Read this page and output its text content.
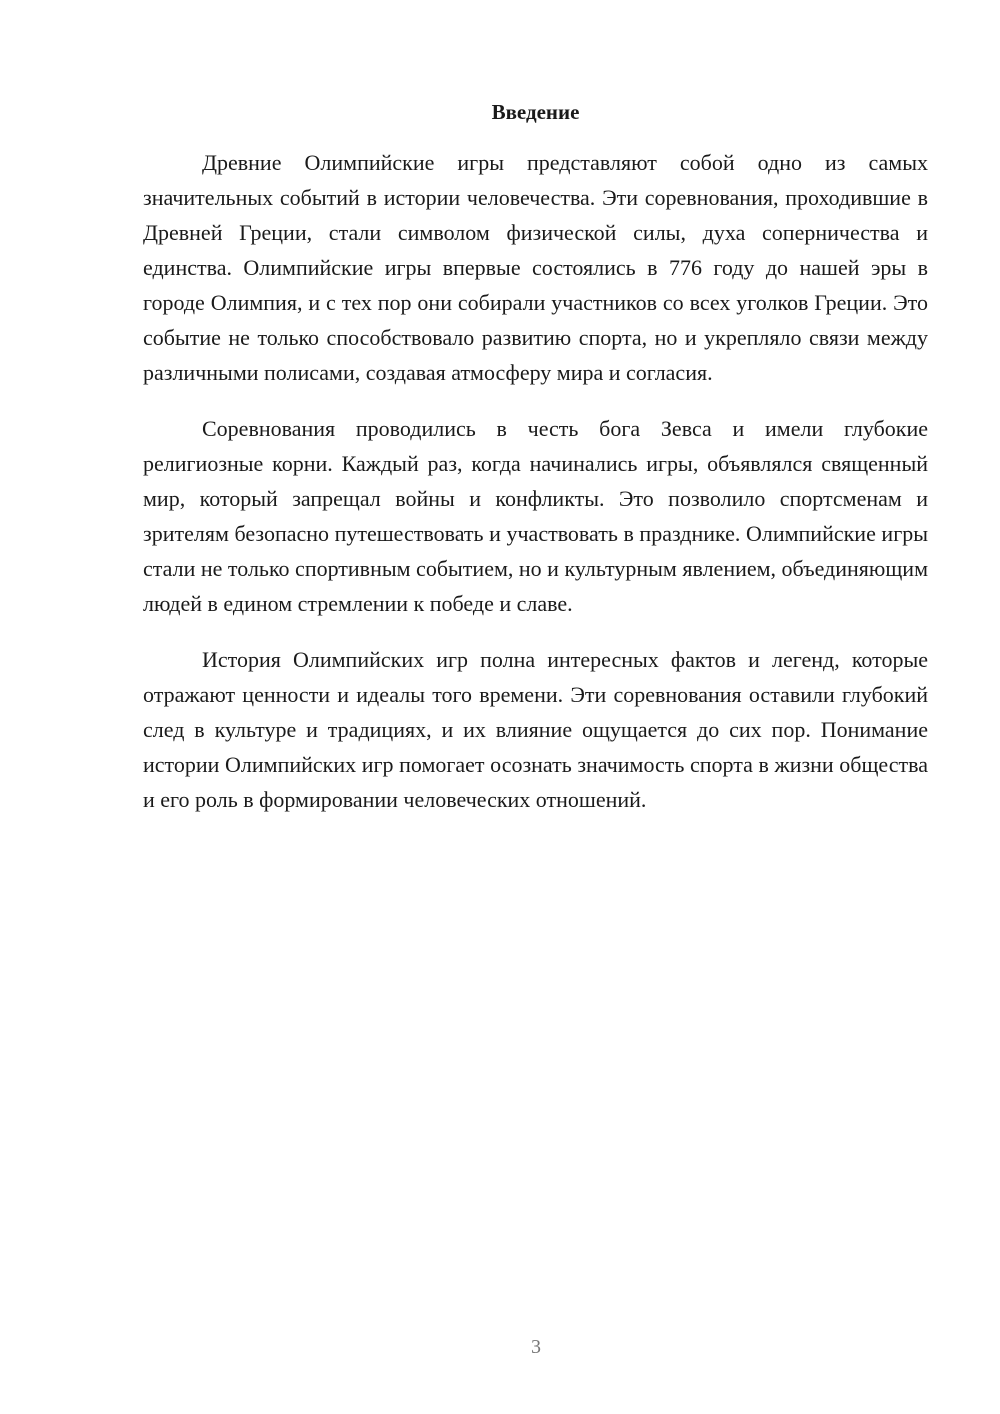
Введение

Древние Олимпийские игры представляют собой одно из самых значительных событий в истории человечества. Эти соревнования, проходившие в Древней Греции, стали символом физической силы, духа соперничества и единства. Олимпийские игры впервые состоялись в 776 году до нашей эры в городе Олимпия, и с тех пор они собирали участников со всех уголков Греции. Это событие не только способствовало развитию спорта, но и укрепляло связи между различными полисами, создавая атмосферу мира и согласия.

Соревнования проводились в честь бога Зевса и имели глубокие религиозные корни. Каждый раз, когда начинались игры, объявлялся священный мир, который запрещал войны и конфликты. Это позволило спортсменам и зрителям безопасно путешествовать и участвовать в празднике. Олимпийские игры стали не только спортивным событием, но и культурным явлением, объединяющим людей в едином стремлении к победе и славе.

История Олимпийских игр полна интересных фактов и легенд, которые отражают ценности и идеалы того времени. Эти соревнования оставили глубокий след в культуре и традициях, и их влияние ощущается до сих пор. Понимание истории Олимпийских игр помогает осознать значимость спорта в жизни общества и его роль в формировании человеческих отношений.

3
